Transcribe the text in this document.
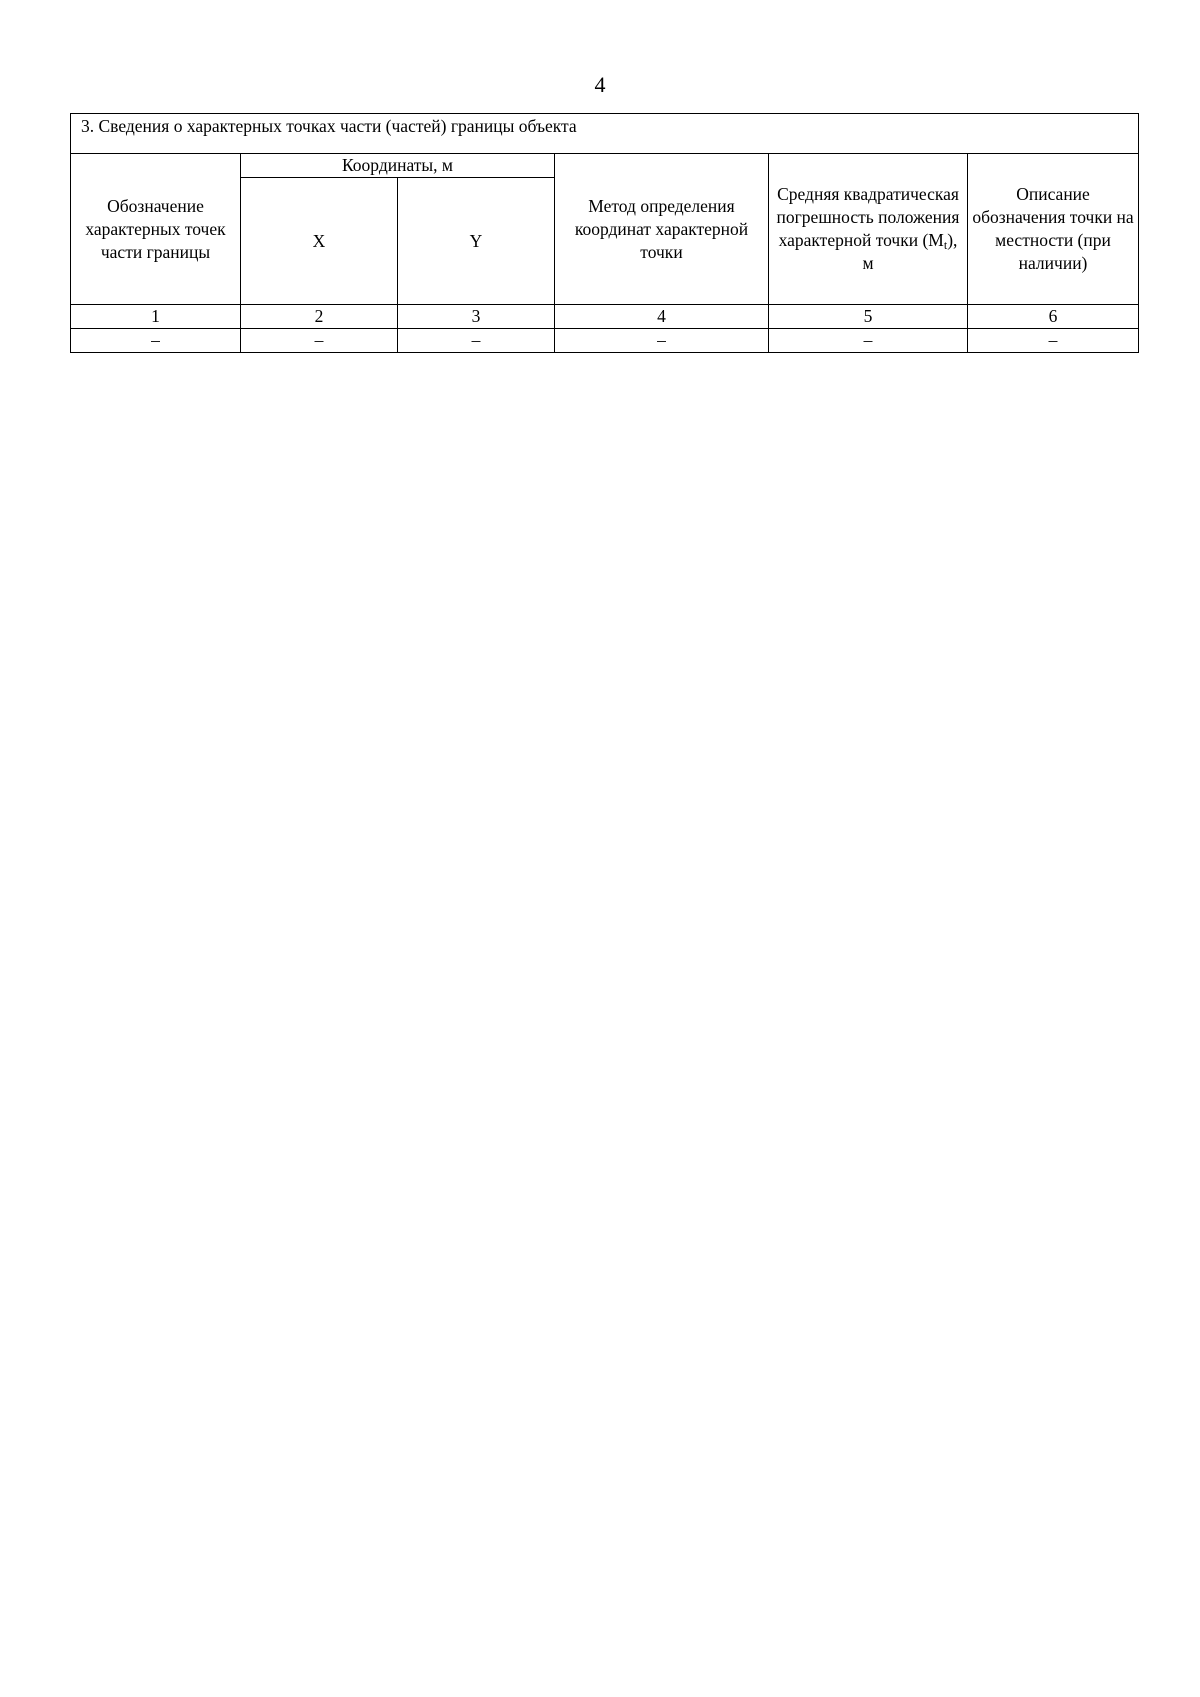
4
3. Сведения о характерных точках части (частей) границы объекта					
Обозначение характерных точек части границы	Координаты, м		Метод определения координат характерной точки	Средняя квадратическая погрешность положения характерной точки (Mt), м	Описание обозначения точки на местности (при наличии)
	X	Y			
1	2	3	4	5	6
–	–	–	–	–	–
